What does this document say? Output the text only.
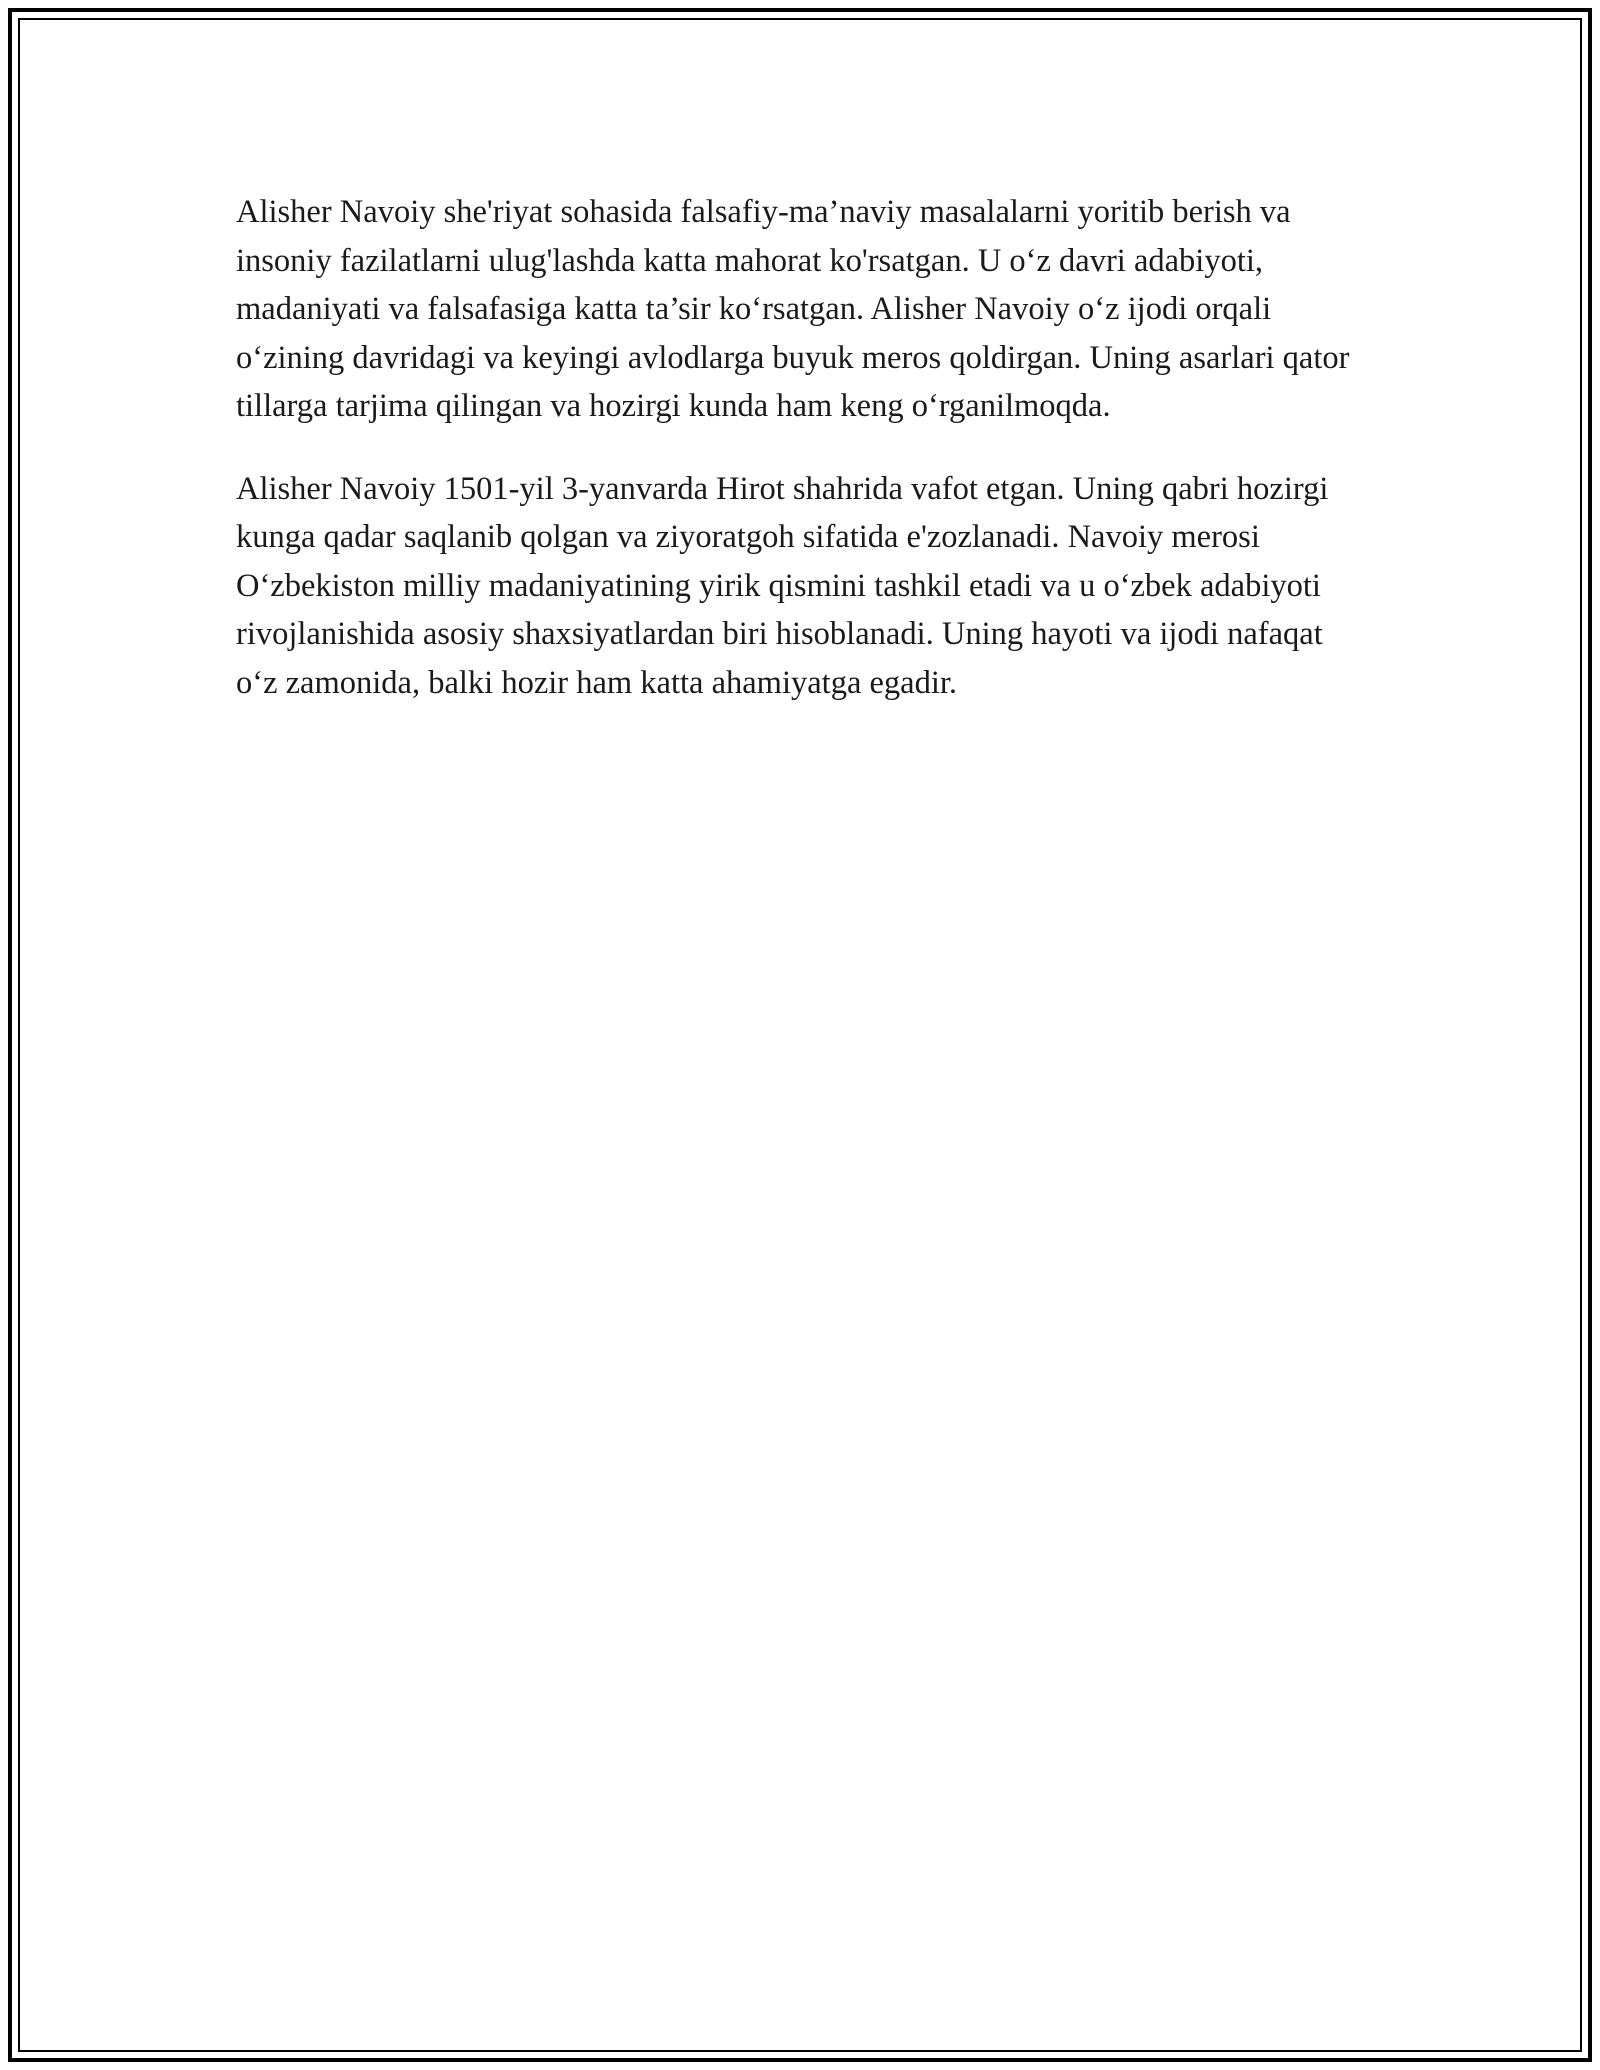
Alisher Navoiy she'riyat sohasida falsafiy-ma’naviy masalalarni yoritib berish va insoniy fazilatlarni ulug'lashda katta mahorat ko'rsatgan. U o‘z davri adabiyoti, madaniyati va falsafasiga katta ta’sir ko‘rsatgan. Alisher Navoiy o‘z ijodi orqali o‘zining davridagi va keyingi avlodlarga buyuk meros qoldirgan. Uning asarlari qator tillarga tarjima qilingan va hozirgi kunda ham keng o‘rganilmoqda.

Alisher Navoiy 1501-yil 3-yanvarda Hirot shahrida vafot etgan. Uning qabri hozirgi kunga qadar saqlanib qolgan va ziyoratgoh sifatida e'zozlanadi. Navoiy merosi O‘zbekiston milliy madaniyatining yirik qismini tashkil etadi va u o‘zbek adabiyoti rivojlanishida asosiy shaxsiyatlardan biri hisoblanadi. Uning hayoti va ijodi nafaqat o‘z zamonida, balki hozir ham katta ahamiyatga egadir.
